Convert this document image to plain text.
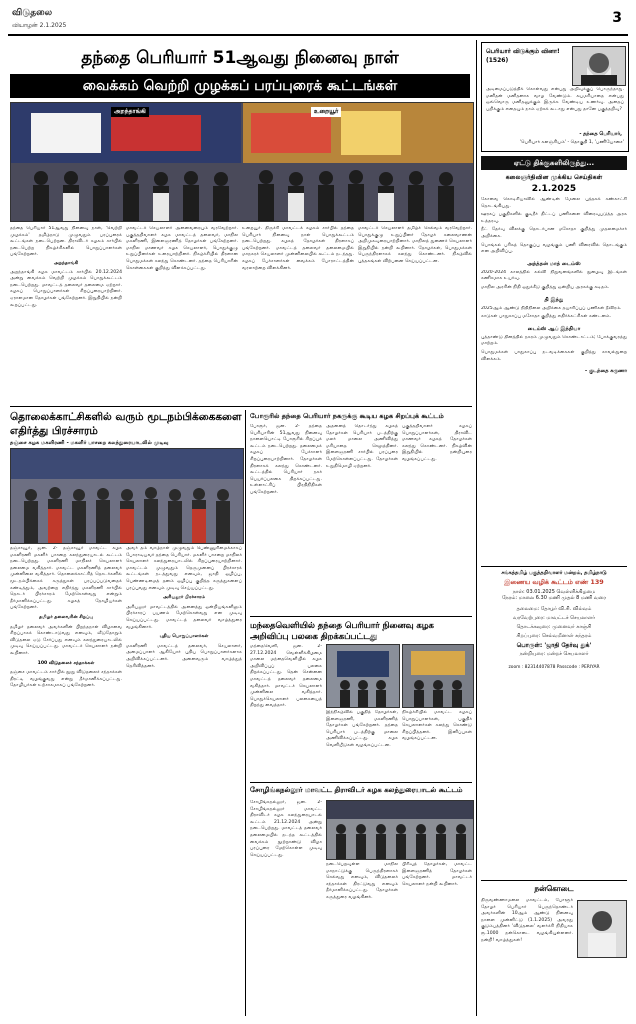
விடுதலை
வியாழன் 2.1.2025	3
தந்தை பெரியார் 51ஆவது நினைவு நாள்
வைக்கம் வெற்றி முழக்கப் பரப்புரைக் கூட்டங்கள்
அறந்தாங்கி	உறையூர்
தந்தை பெரியார் 51ஆவது நினைவு நாள், 'வெற்றி முழக்கம்' தமிழ்நாடு முழுவதும் பரப்புரைக் கூட்டங்கள் நடைபெற்றன. திராவிடர் கழகம் சார்பில் நடைபெற்ற நிகழ்ச்சிகளில் பொறுப்பாளர்கள் பங்கேற்றனர்.
அறந்தாங்கி
அறந்தாங்கி கழக மாவட்டம் சார்பில் 20.12.2024 அன்று வைக்கம் வெற்றி முழக்கம் பொதுக்கூட்டம் நடைபெற்றது. மாவட்டத் தலைவர் தலைமை ஏற்றார். கழகப் பொறுப்பாளர்கள் சிறப்புரையாற்றினர். ஏராளமான தோழர்கள் பங்கேற்றனர். இறுதியில் நன்றி கூறப்பட்டது.
மாவட்டச் செயலாளர் அனைவரையும் வரவேற்றார். பகுத்தறிவாளர் கழக மாவட்டத் தலைவர், மாநில மகளிரணி, இளைஞரணித் தோழர்கள் பங்கேற்றனர். மாநில மாணவர் கழக செயலாளர், பொதுக்குழு உறுப்பினர்கள் உரையாற்றினர். நிகழ்ச்சியில் திரளான பொதுமக்கள் கலந்து கொண்டனர். தந்தை பெரியாரின் கொள்கைகள் குறித்து விளக்கப்பட்டது.
உறையூர். திருச்சி மாவட்டக் கழகம் சார்பில் தந்தை பெரியார் நினைவு நாள் பொதுக்கூட்டம் நடைபெற்றது. கழகத் தோழர்கள் திரளாகப் பங்கேற்றனர். மாவட்டத் தலைவர் தலைமையில் மாநகரச் செயலாளர் முன்னிலையில் கூட்டம் நடந்தது. கழகப் பேச்சாளர்கள் வைக்கம் போராட்டத்தின் வரலாற்றை விளக்கினர்.
மாவட்டச் செயலாளர் தமிழ்ச் செல்வம் வரவேற்றார். பொதுக்குழு உறுப்பினர் தோழர் கலைவாணன் அறிமுகவுரையாற்றினார். மாநிலத் துணைச் செயலாளர் இறுதியில் நன்றி கூறினார். தோழர்கள், பொதுமக்கள் பெருந்திரளாகக் கலந்து கொண்டனர். நிகழ்வில் புத்தகங்கள் விற்பனை செய்யப்பட்டன.
தொலைக்காட்சிகளில் வரும் மூடநம்பிக்கைகளை எதிர்த்து பிரச்சாரம்
தஞ்சை கழக மகளிரணி - மகளிர் பாசறை கலந்துரையாடலில் முடிவு
தஞ்சாவூர், ஜன. 2- தஞ்சாவூர் மாவட்ட கழக மகளிரணி மகளிர் பாசறை கலந்துரையாடல் கூட்டம் நடைபெற்றது. மகளிரணி மாநிலச் செயலாளர் தலைமை வகித்தார். மாவட்ட மகளிரணித் தலைவர் முன்னிலை வகித்தார். தொலைக்காட்சித் தொடர்களில் மூடநம்பிக்கைக் கருத்துகள் பரப்பப்படுவதைக் கண்டித்தும், அவற்றை எதிர்த்து மகளிரணி சார்பில் தொடர் பிரச்சாரம் மேற்கொள்வது என்றும் தீர்மானிக்கப்பட்டது. கழகத் தோழியர்கள் பங்கேற்றனர்.
தமிழர் தலைவரின் சிறப்பு
தமிழர் தலைவர் அவர்களின் பிறந்தநாள் விழாவை சிறப்பாகக் கொண்டாடுவது எனவும், வீடுதோறும் விடுதலை ஏடு சேர்ப்பது எனவும் கலந்துரையாடலில் முடிவு செய்யப்பட்டது. மாவட்டச் செயலாளர் நன்றி கூறினார்.
100 விடுதலைச் சந்தாக்கள்
தஞ்சை மாவட்டம் சார்பில் நூறு விடுதலைச் சந்தாக்கள் திரட்டி வழங்குவது என்று தீர்மானிக்கப்பட்டது. தோழியர்கள் உற்சாகமாகப் பங்கேற்றனர்.
அவர் தம் வாழ்நாள் முழுவதும் பெண்ணுரிமைக்காகப் போராடியவர் தந்தை பெரியார். மகளிர் பாசறை மாநிலச் செயலாளர் கலந்துரையாடலில் சிறப்புரையாற்றினார். மாவட்டம் முழுவதும் தெருமுனைப் பிரச்சாரக் கூட்டங்கள் நடத்துவது எனவும், ஜாதி ஒழிப்பு, பெண்ணடிமைத் தனம் ஒழிப்பு குறித்த கருத்துகளைப் பரப்புவது எனவும் முடிவு செய்யப்பட்டது.
அரியலூர் பிரச்சாரம்
அரியலூர் மாவட்டத்தில் அனைத்து ஒன்றியங்களிலும் பிரச்சாரப் பயணம் மேற்கொள்வது என முடிவு செய்யப்பட்டது. மாவட்டத் தலைவர் வாழ்த்துரை வழங்கினார்.
புதிய பொறுப்பாளர்கள்
மகளிரணி மாவட்டத் தலைவர், செயலாளர், அமைப்பாளர் ஆகியோர் புதிய பொறுப்பாளர்களாக அறிவிக்கப்பட்டனர். அனைவரும் வாழ்த்துத் தெரிவித்தனர்.
போரூரில் தந்தை பெரியார் நகருக்கு கூடிய கழக சிறப்புக் கூட்டம்
போரூர், ஜன. 2- தந்தை பெரியாரின் 51ஆவது நினைவு நாளையொட்டி போரூரில் சிறப்புக் கூட்டம் நடைபெற்றது. தலைமைக் கழகப் பேச்சாளர் சிறப்புரையாற்றினார். தோழர்கள் திரளாகக் கலந்து கொண்டனர். கூட்டத்தில் பெரியார் நகர் பெயர்ப்பலகை திறக்கப்பட்டது. உள்ளாட்சிப் பிரதிநிதிகள் பங்கேற்றனர்.
அதனைத் தொடர்ந்து கழகத் தோழர்கள் பெரியார் படத்திற்கு மலர் மாலை அணிவித்து மரியாதை செலுத்தினர். இளைஞரணி சார்பில் பரப்புரை மேற்கொள்ளப்பட்டது. தோழர்கள் உறுதிமொழி ஏற்றனர்.
பகுத்தறிவாளர் கழகப் பொறுப்பாளர்கள், திராவிட மாணவர் கழகத் தோழர்கள் கலந்து கொண்டனர். நிகழ்வின் இறுதியில் நன்றியுரை வழங்கப்பட்டது.
மந்தைவெளியில் தந்தை பெரியார் நினைவு கழக அறிவிப்பு பலகை திறக்கப்பட்டது
மந்தைவெளி, ஜன. 2- 27.12.2024 வெள்ளிக்கிழமை மாலை மந்தைவெளியில் கழக அறிவிப்புப் பலகை திறக்கப்பட்டது. தென் சென்னை மாவட்டத் தலைவர் தலைமை வகித்தார். மாவட்டச் செயலாளர் முன்னிலை வகித்தார். பொதுச்செயலாளர் பலகையைத் திறந்து வைத்தார்.
இந்நிகழ்வில் பகுதித் தோழர்கள், இளைஞரணி, மகளிரணித் தோழர்கள் பங்கேற்றனர். தந்தை பெரியார் படத்திற்கு மாலை அணிவிக்கப்பட்டது. கழக வெளியீடுகள் வழங்கப்பட்டன.
நிகழ்ச்சியில் மாவட்ட கழகப் பொறுப்பாளர்கள், பகுதிச் செயலாளர்கள் கலந்து கொண்டு சிறப்பித்தனர். இனிப்புகள் வழங்கப்பட்டன.
சோழிங்கநல்லூர் மாவட்ட திராவிடர் கழக கலந்துரையாடல் கூட்டம்
சோழிங்கநல்லூர், ஜன. 2- சோழிங்கநல்லூர் மாவட்ட திராவிடர் கழக கலந்துரையாடல் கூட்டம் 21.12.2024 அன்று நடைபெற்றது. மாவட்டத் தலைவர் தலைமையில் நடந்த கூட்டத்தில் வைக்கம் நூற்றாண்டு விழா பரப்புரை மேற்கொள்ள முடிவு செய்யப்பட்டது.
நடைபெறவுள்ள மாநில மாநாட்டுக்கு பெருந்திரளாகச் செல்வது எனவும், விடுதலைச் சந்தாக்கள் திரட்டுவது எனவும் தீர்மானிக்கப்பட்டது. தோழர்கள் கருத்துரை வழங்கினர்.
பிரிவுத் தோழர்கள், மாவட்ட இளைஞரணித் தோழர்கள் பங்கேற்றனர். மாவட்டச் செயலாளர் நன்றி கூறினார்.
பெரியார் விடுக்கும் வினா! (1526)
அடிமைப்படுத்திக் கொள்வது என்பது அறிவுக்குப் பொருந்தாது. மனிதன் மனிதனாக வாழ வேண்டும். சுயமரியாதை என்பது ஒவ்வொரு மனிதனுக்கும் இருக்க வேண்டிய உணர்வு. அதைப் பறிக்கும் எதையும் நாம் ஏற்கக் கூடாது என்பது தானே பகுத்தறிவு?
- தந்தை பெரியார்,
'பெரியார் களஞ்சியம்' - தொகுதி 1, 'பணியோசை'
ஏட்டு திக்குகளிலிருந்து...
கலைஞர்திவின முக்கிய செய்திகள்
2.1.2025
கோவை கொடிசியாவில் ஆண்டின் மேலை புத்தகக் கண்காட்சி தொடங்கியது.
ஊரகப் பகுதிகளில் குடிநீர் திட்டப் பணிகளை விரைவுபடுத்த அரசு உத்தரவு.
நீட் தேர்வு விலக்கு தொடர்பான மசோதா குறித்து முதலமைச்சர் அறிக்கை.
பொங்கல் பரிசுத் தொகுப்பு வழங்கும் பணி விரைவில் தொடங்கும் என அறிவிப்பு.
அந்த்தன் மாத் டைம்ஸ்
2020-2024 காலத்தில் கல்வி நிறுவனங்களில் நுழைவு இடங்கள் கணிசமாக உயர்வு.
மாநில அரசின் நிதி ஒதுக்கீடு குறித்து ஒன்றிய அரசுக்கு கடிதம்.
தி இந்து
2025ஆம் ஆண்டு நிதிநிலை அறிக்கை தயாரிப்புப் பணிகள் தீவிரம்.
காடுகள் பாதுகாப்பு மசோதா குறித்து எதிர்க்கட்சிகள் கண்டனம்.
டைம்ஸ் ஆப் இந்தியா
புத்தாண்டு தினத்தில் நகரம் முழுவதும் கொண்டாட்டம்; போக்குவரத்து மாற்றம்.
பொதுமக்கள் பாதுகாப்பு நடவடிக்கைகள் குறித்து காவல்துறை விளக்கம்.
- குடந்தை கருணா
சங்கத்தமிழ் பகுத்தறிவாளர் மன்றம், தமிழ்நாடு
இணைய வழிக் கூட்டம் எண் 139
நாள்: 03.01.2025 வெள்ளிக்கிழமை
நேரம்: மாலை 6.30 மணி முதல் 8 மணி வரை
தலைமை: தோழர் வி.சி. வில்வம்
வரவேற்புரை: மாவட்டச் செயலாளர்
தொடக்கவுரை: முனைவர் காஞ்சி
சிறப்புரை: செல்வமீனாள் சுந்தரம்
பொருள்: 'ஜாதி தேர்வு துக்'
நன்றியுரை: மன்றச் செயலாளர்
zoom : 82314407878 Passcode : PERIYAR
நன்கொடை
திருவண்ணாமலை மாவட்டம், போளூர் தோழர் பெரியார் பெருந்தொண்டர் அவர்களின் 10ஆம் ஆண்டு நினைவு நாளை முன்னிட்டு (1.1.2025) அவரது குடும்பத்தினர் 'விடுதலை' வளர்ச்சி நிதியாக ரூ.1000 நன்கொடை வழங்கியுள்ளனர். நன்றி! வாழ்த்துகள்!
